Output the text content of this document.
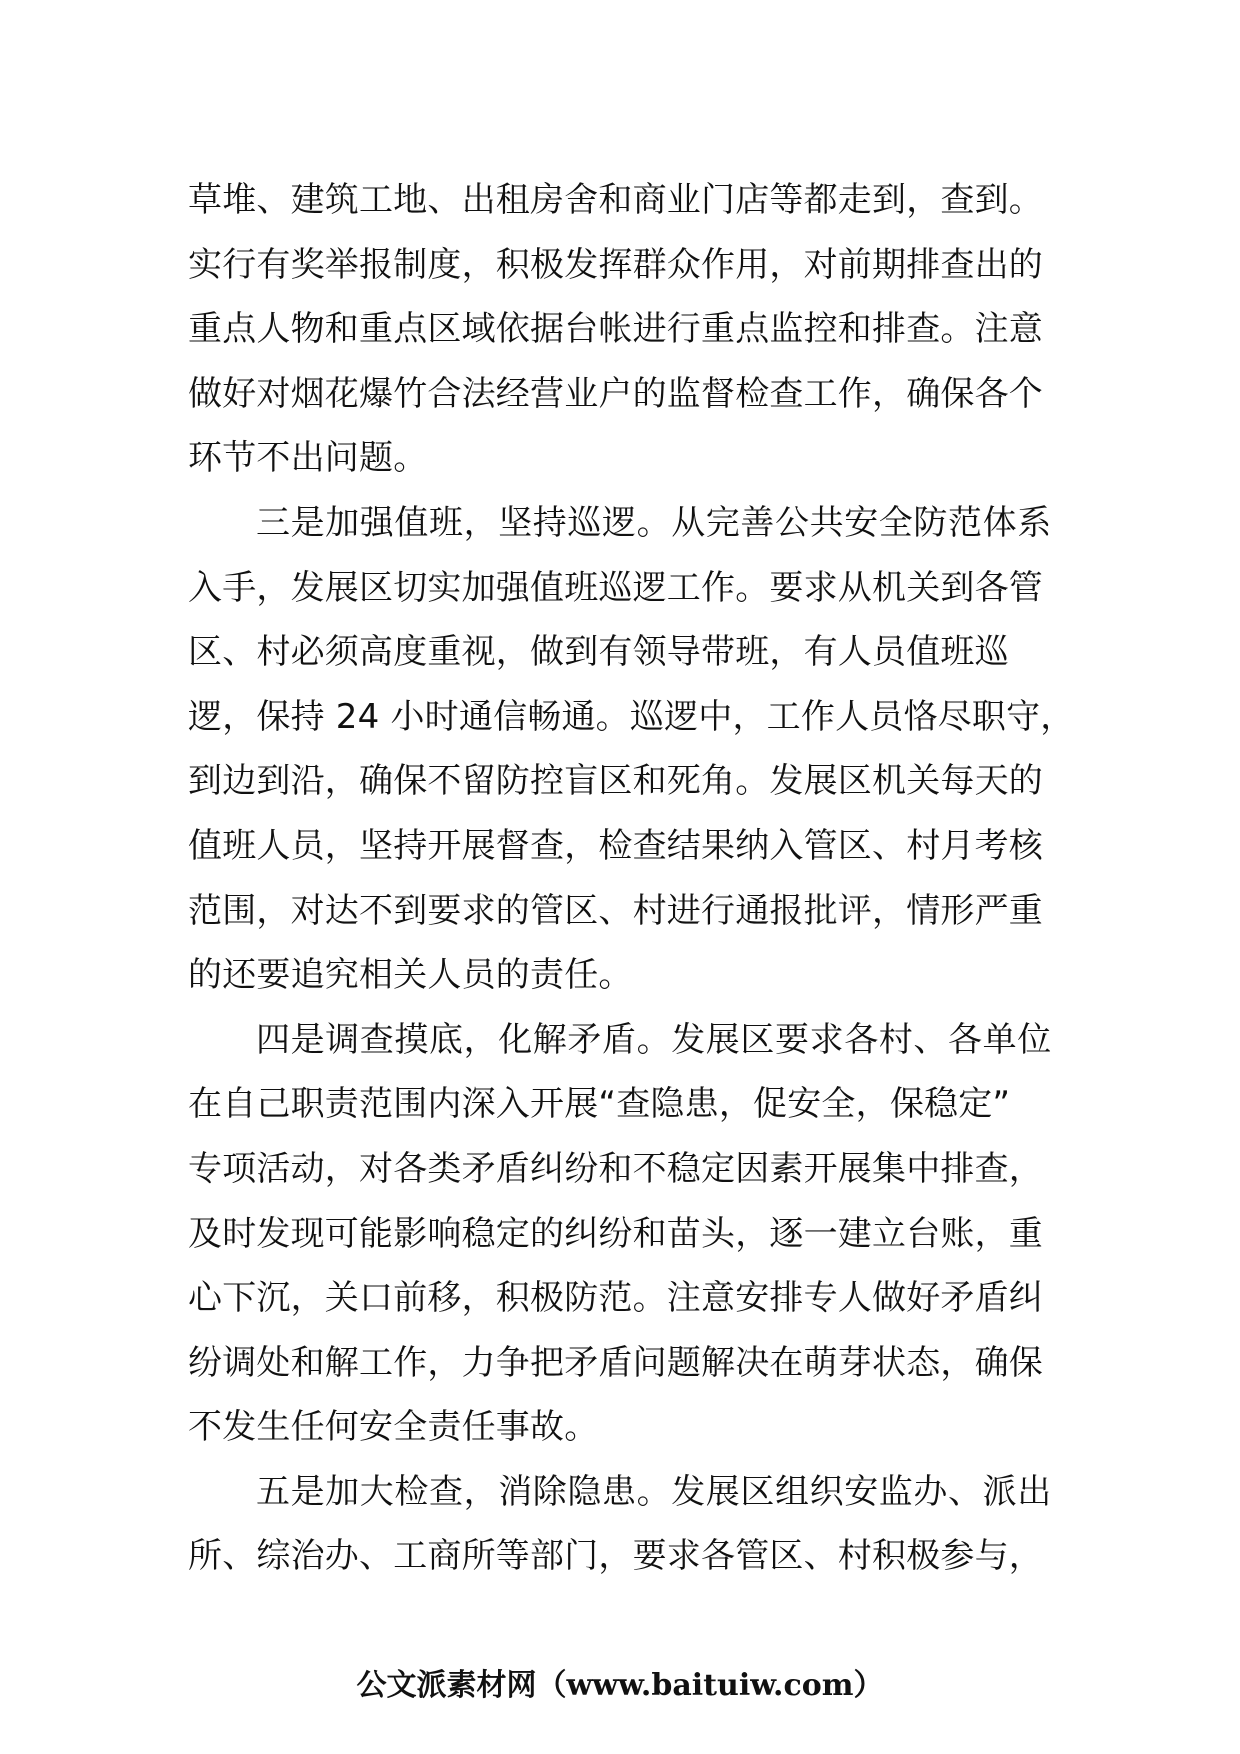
草堆、建筑工地、出租房舍和商业门店等都走到，查到。
实行有奖举报制度，积极发挥群众作用，对前期排查出的
重点人物和重点区域依据台帐进行重点监控和排查。注意
做好对烟花爆竹合法经营业户的监督检查工作，确保各个
环节不出问题。
三是加强值班，坚持巡逻。从完善公共安全防范体系
入手，发展区切实加强值班巡逻工作。要求从机关到各管
区、村必须高度重视，做到有领导带班，有人员值班巡
逻，保持 24 小时通信畅通。巡逻中，工作人员恪尽职守，
到边到沿，确保不留防控盲区和死角。发展区机关每天的
值班人员，坚持开展督查，检查结果纳入管区、村月考核
范围，对达不到要求的管区、村进行通报批评，情形严重
的还要追究相关人员的责任。
四是调查摸底，化解矛盾。发展区要求各村、各单位
在自己职责范围内深入开展“查隐患，促安全，保稳定”
专项活动，对各类矛盾纠纷和不稳定因素开展集中排查，
及时发现可能影响稳定的纠纷和苗头，逐一建立台账，重
心下沉，关口前移，积极防范。注意安排专人做好矛盾纠
纷调处和解工作，力争把矛盾问题解决在萌芽状态，确保
不发生任何安全责任事故。
五是加大检查，消除隐患。发展区组织安监办、派出
所、综治办、工商所等部门，要求各管区、村积极参与，
公文派素材网（www.baituiw.com）
